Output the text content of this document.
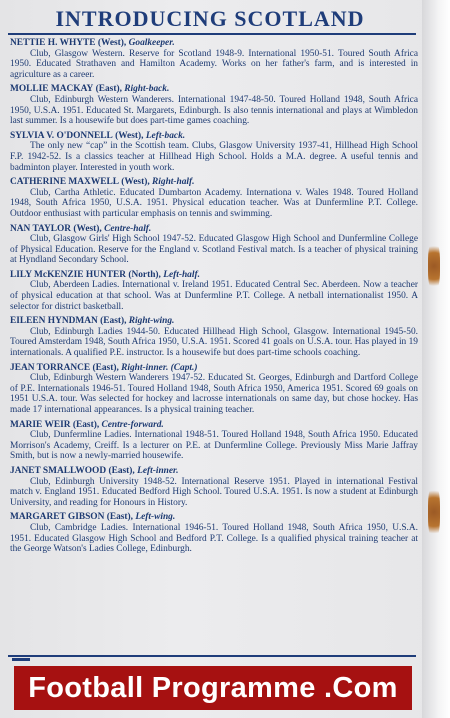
INTRODUCING SCOTLAND
NETTIE H. WHYTE (West), Goalkeeper.
Club, Glasgow Western. Reserve for Scotland 1948-9. International 1950-51. Toured South Africa 1950. Educated Strathaven and Hamilton Academy. Works on her father's farm, and is interested in agriculture as a career.
MOLLIE MACKAY (East), Right-back.
Club, Edinburgh Western Wanderers. International 1947-48-50. Toured Holland 1948, South Africa 1950, U.S.A. 1951. Educated St. Margarets, Edinburgh. Is also tennis international and plays at Wimbledon last summer. Is a housewife but does part-time games coaching.
SYLVIA V. O'DONNELL (West), Left-back.
The only new “cap” in the Scottish team. Clubs, Glasgow University 1937-41, Hillhead High School F.P. 1942-52. Is a classics teacher at Hillhead High School. Holds a M.A. degree. A useful tennis and badminton player. Interested in youth work.
CATHERINE MAXWELL (West), Right-half.
Club, Cartha Athletic. Educated Dumbarton Academy. Internationa v. Wales 1948. Toured Holland 1948, South Africa 1950, U.S.A. 1951. Physical education teacher. Was at Dunfermline P.T. College. Outdoor enthusiast with particular emphasis on tennis and swimming.
NAN TAYLOR (West), Centre-half.
Club, Glasgow Girls' High School 1947-52. Educated Glasgow High School and Dunfermline College of Physical Education. Reserve for the England v. Scotland Festival match. Is a teacher of physical training at Hyndland Secondary School.
LILY McKENZIE HUNTER (North), Left-half.
Club, Aberdeen Ladies. International v. Ireland 1951. Educated Central Sec. Aberdeen. Now a teacher of physical education at that school. Was at Dunfermline P.T. College. A netball internationalist 1950. A selector for district basketball.
EILEEN HYNDMAN (East), Right-wing.
Club, Edinburgh Ladies 1944-50. Educated Hillhead High School, Glasgow. International 1945-50. Toured Amsterdam 1948, South Africa 1950, U.S.A. 1951. Scored 41 goals on U.S.A. tour. Has played in 19 internationals. A qualified P.E. instructor. Is a housewife but does part-time schools coaching.
JEAN TORRANCE (East), Right-inner. (Capt.)
Club, Edinburgh Western Wanderers 1947-52. Educated St. Georges, Edinburgh and Dartford College of P.E. Internationals 1946-51. Toured Holland 1948, South Africa 1950, America 1951. Scored 69 goals on 1951 U.S.A. tour. Was selected for hockey and lacrosse internationals on same day, but chose hockey. Has made 17 international appearances. Is a physical training teacher.
MARIE WEIR (East), Centre-forward.
Club, Dunfermline Ladies. International 1948-51. Toured Holland 1948, South Africa 1950. Educated Morrison's Academy, Creiff. Is a lecturer on P.E. at Dunfermline College. Previously Miss Marie Jaffray Smith, but is now a newly-married housewife.
JANET SMALLWOOD (East), Left-inner.
Club, Edinburgh University 1948-52. International Reserve 1951. Played in international Festival match v. England 1951. Educated Bedford High School. Toured U.S.A. 1951. Is now a student at Edinburgh University, and reading for Honours in History.
MARGARET GIBSON (East), Left-wing.
Club, Cambridge Ladies. International 1946-51. Toured Holland 1948, South Africa 1950, U.S.A. 1951. Educated Glasgow High School and Bedford P.T. College. Is a qualified physical training teacher at the George Watson's Ladies College, Edinburgh.
Football Programme .Com
